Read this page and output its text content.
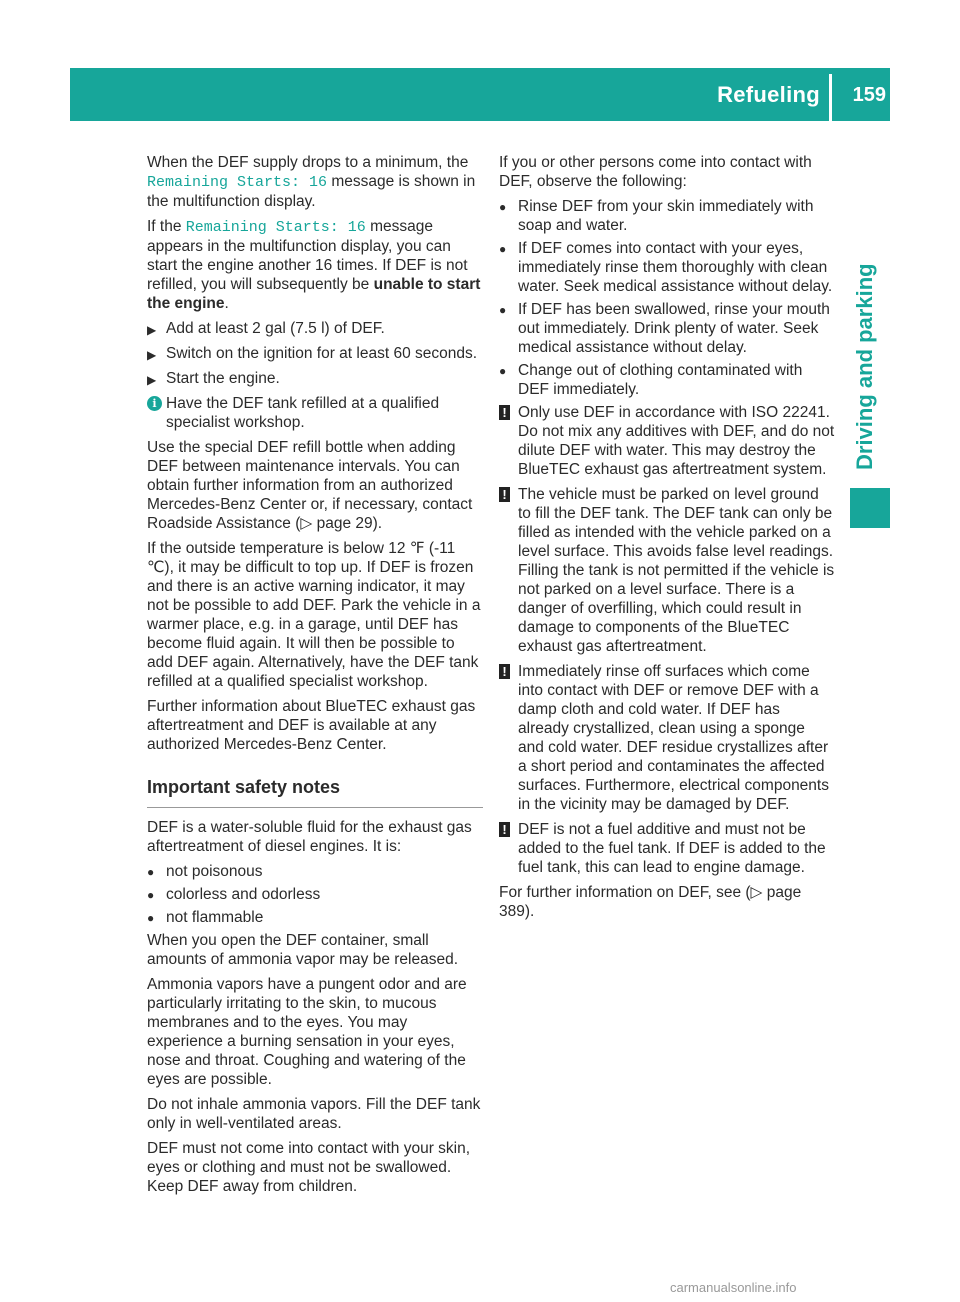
Refueling 159
Driving and parking

When the DEF supply drops to a minimum, the Remaining Starts: 16 message is shown in the multifunction display.

If the Remaining Starts: 16 message appears in the multifunction display, you can start the engine another 16 times. If DEF is not refilled, you will subsequently be unable to start the engine.

▶ Add at least 2 gal (7.5 l) of DEF.
▶ Switch on the ignition for at least 60 seconds.
▶ Start the engine.
i Have the DEF tank refilled at a qualified specialist workshop.

Use the special DEF refill bottle when adding DEF between maintenance intervals. You can obtain further information from an authorized Mercedes-Benz Center or, if necessary, contact Roadside Assistance (▷ page 29).

If the outside temperature is below 12 ℉ (‑11 ℃), it may be difficult to top up. If DEF is frozen and there is an active warning indicator, it may not be possible to add DEF. Park the vehicle in a warmer place, e.g. in a garage, until DEF has become fluid again. It will then be possible to add DEF again. Alternatively, have the DEF tank refilled at a qualified specialist workshop.

Further information about BlueTEC exhaust gas aftertreatment and DEF is available at any authorized Mercedes-Benz Center.

Important safety notes

DEF is a water-soluble fluid for the exhaust gas aftertreatment of diesel engines. It is:

● not poisonous
● colorless and odorless
● not flammable

When you open the DEF container, small amounts of ammonia vapor may be released.

Ammonia vapors have a pungent odor and are particularly irritating to the skin, to mucous membranes and to the eyes. You may experience a burning sensation in your eyes, nose and throat. Coughing and watering of the eyes are possible.

Do not inhale ammonia vapors. Fill the DEF tank only in well-ventilated areas.

DEF must not come into contact with your skin, eyes or clothing and must not be swallowed. Keep DEF away from children.

If you or other persons come into contact with DEF, observe the following:

● Rinse DEF from your skin immediately with soap and water.
● If DEF comes into contact with your eyes, immediately rinse them thoroughly with clean water. Seek medical assistance without delay.
● If DEF has been swallowed, rinse your mouth out immediately. Drink plenty of water. Seek medical assistance without delay.
● Change out of clothing contaminated with DEF immediately.
! Only use DEF in accordance with ISO 22241. Do not mix any additives with DEF, and do not dilute DEF with water. This may destroy the BlueTEC exhaust gas aftertreatment system.
! The vehicle must be parked on level ground to fill the DEF tank. The DEF tank can only be filled as intended with the vehicle parked on a level surface. This avoids false level readings. Filling the tank is not permitted if the vehicle is not parked on a level surface. There is a danger of overfilling, which could result in damage to components of the BlueTEC exhaust gas aftertreatment.
! Immediately rinse off surfaces which come into contact with DEF or remove DEF with a damp cloth and cold water. If DEF has already crystallized, clean using a sponge and cold water. DEF residue crystallizes after a short period and contaminates the affected surfaces. Furthermore, electrical components in the vicinity may be damaged by DEF.
! DEF is not a fuel additive and must not be added to the fuel tank. If DEF is added to the fuel tank, this can lead to engine damage.

For further information on DEF, see (▷ page 389).

carmanualsonline.info
